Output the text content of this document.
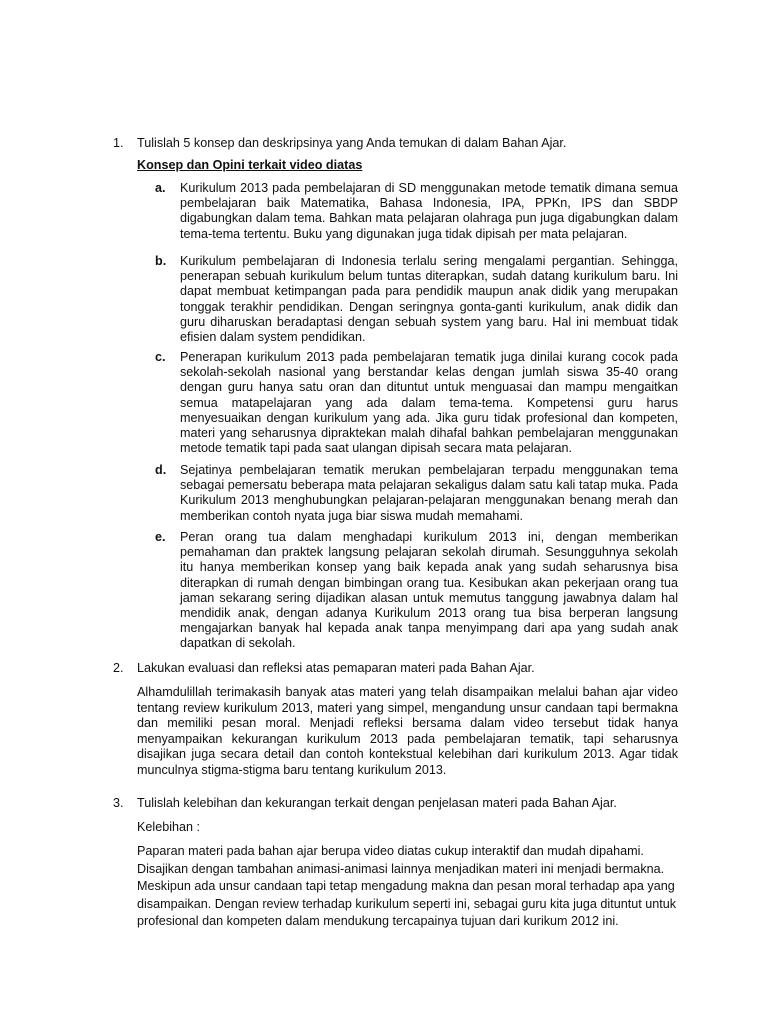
1. Tulislah 5 konsep dan deskripsinya yang Anda temukan di dalam Bahan Ajar.
Konsep dan Opini terkait video diatas
a. Kurikulum 2013 pada pembelajaran di SD menggunakan metode tematik dimana semua pembelajaran baik Matematika, Bahasa Indonesia, IPA, PPKn, IPS dan SBDP digabungkan dalam tema. Bahkan mata pelajaran olahraga pun juga digabungkan dalam tema-tema tertentu. Buku yang digunakan juga tidak dipisah per mata pelajaran.
b. Kurikulum pembelajaran di Indonesia terlalu sering mengalami pergantian. Sehingga, penerapan sebuah kurikulum belum tuntas diterapkan, sudah datang kurikulum baru. Ini dapat membuat ketimpangan pada para pendidik maupun anak didik yang merupakan tonggak terakhir pendidikan. Dengan seringnya gonta-ganti kurikulum, anak didik dan guru diharuskan beradaptasi dengan sebuah system yang baru. Hal ini membuat tidak efisien dalam system pendidikan.
c. Penerapan kurikulum 2013 pada pembelajaran tematik juga dinilai kurang cocok pada sekolah-sekolah nasional yang berstandar kelas dengan jumlah siswa 35-40 orang dengan guru hanya satu oran dan dituntut untuk menguasai dan mampu mengaitkan semua matapelajaran yang ada dalam tema-tema. Kompetensi guru harus menyesuaikan dengan kurikulum yang ada. Jika guru tidak profesional dan kompeten, materi yang seharusnya dipraktekan malah dihafal bahkan pembelajaran menggunakan metode tematik tapi pada saat ulangan dipisah secara mata pelajaran.
d. Sejatinya pembelajaran tematik merukan pembelajaran terpadu menggunakan tema sebagai pemersatu beberapa mata pelajaran sekaligus dalam satu kali tatap muka. Pada Kurikulum 2013 menghubungkan pelajaran-pelajaran menggunakan benang merah dan memberikan contoh nyata juga biar siswa mudah memahami.
e. Peran orang tua dalam menghadapi kurikulum 2013 ini, dengan memberikan pemahaman dan praktek langsung pelajaran sekolah dirumah. Sesungguhnya sekolah itu hanya memberikan konsep yang baik kepada anak yang sudah seharusnya bisa diterapkan di rumah dengan bimbingan orang tua. Kesibukan akan pekerjaan orang tua jaman sekarang sering dijadikan alasan untuk memutus tanggung jawabnya dalam hal mendidik anak, dengan adanya Kurikulum 2013 orang tua bisa berperan langsung mengajarkan banyak hal kepada anak tanpa menyimpang dari apa yang sudah anak dapatkan di sekolah.
2. Lakukan evaluasi dan refleksi atas pemaparan materi pada Bahan Ajar.
Alhamdulillah terimakasih banyak atas materi yang telah disampaikan melalui bahan ajar video tentang review kurikulum 2013, materi yang simpel, mengandung unsur candaan tapi bermakna dan memiliki pesan moral. Menjadi refleksi bersama dalam video tersebut tidak hanya menyampaikan kekurangan kurikulum 2013 pada pembelajaran tematik, tapi seharusnya disajikan juga secara detail dan contoh kontekstual kelebihan dari kurikulum 2013. Agar tidak munculnya stigma-stigma baru tentang kurikulum 2013.
3. Tulislah kelebihan dan kekurangan terkait dengan penjelasan materi pada Bahan Ajar.
Kelebihan :
Paparan materi pada bahan ajar berupa video diatas cukup interaktif dan mudah dipahami. Disajikan dengan tambahan animasi-animasi lainnya menjadikan materi ini menjadi bermakna. Meskipun ada unsur candaan tapi tetap mengadung makna dan pesan moral terhadap apa yang disampaikan. Dengan review terhadap kurikulum seperti ini, sebagai guru kita juga dituntut untuk profesional dan kompeten dalam mendukung tercapainya tujuan dari kurikum 2012 ini.
